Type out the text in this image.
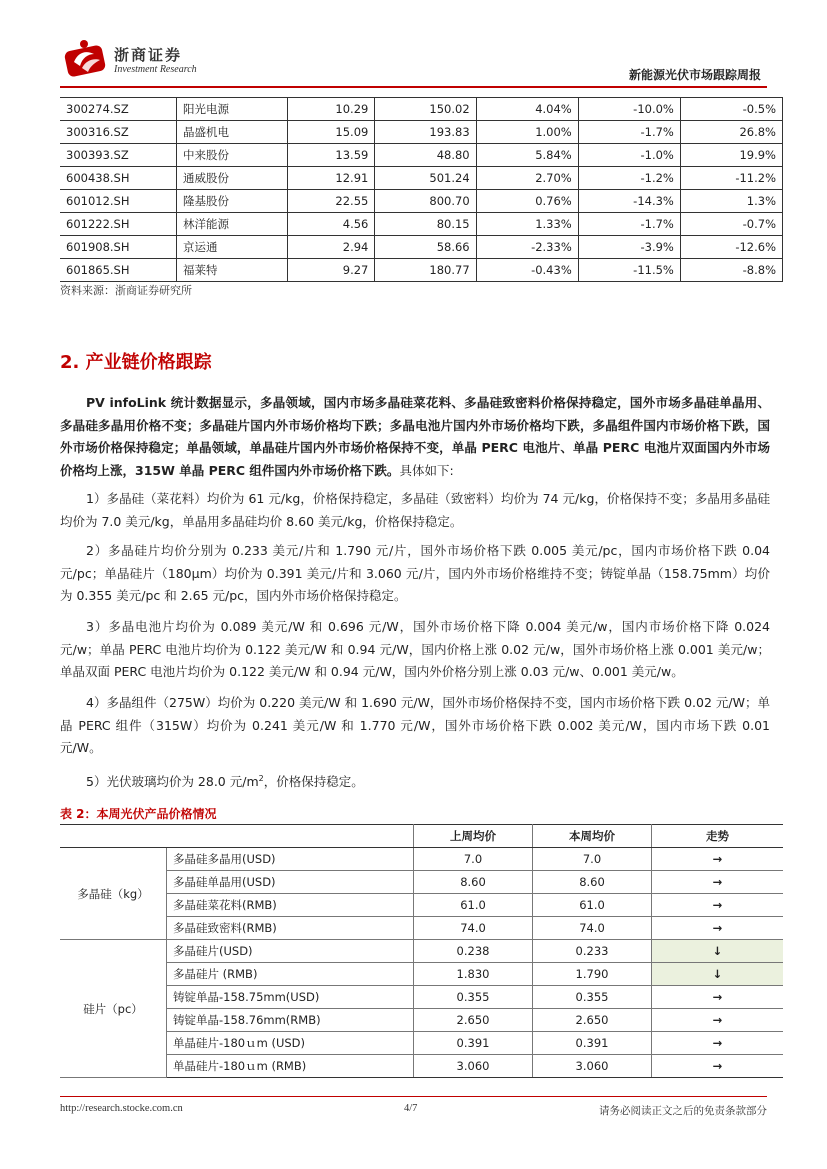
浙商证券
Investment Research	新能源光伏市场跟踪周报
300274.SZ	阳光电源	10.29	150.02	4.04%	-10.0%	-0.5%
300316.SZ	晶盛机电	15.09	193.83	1.00%	-1.7%	26.8%
300393.SZ	中来股份	13.59	48.80	5.84%	-1.0%	19.9%
600438.SH	通威股份	12.91	501.24	2.70%	-1.2%	-11.2%
601012.SH	隆基股份	22.55	800.70	0.76%	-14.3%	1.3%
601222.SH	林洋能源	4.56	80.15	1.33%	-1.7%	-0.7%
601908.SH	京运通	2.94	58.66	-2.33%	-3.9%	-12.6%
601865.SH	福莱特	9.27	180.77	-0.43%	-11.5%	-8.8%
资料来源：浙商证券研究所
2. 产业链价格跟踪
PV infoLink 统计数据显示，多晶领域，国内市场多晶硅菜花料、多晶硅致密料价格保持稳定，国外市场多晶硅单晶用、多晶硅多晶用价格不变；多晶硅片国内外市场价格均下跌；多晶电池片国内外市场价格均下跌，多晶组件国内市场价格下跌，国外市场价格保持稳定；单晶领域，单晶硅片国内外市场价格保持不变，单晶 PERC 电池片、单晶 PERC 电池片双面国内外市场价格均上涨，315W 单晶 PERC 组件国内外市场价格下跌。具体如下:
1）多晶硅（菜花料）均价为 61 元/kg，价格保持稳定，多晶硅（致密料）均价为 74 元/kg，价格保持不变；多晶用多晶硅均价为 7.0 美元/kg，单晶用多晶硅均价 8.60 美元/kg，价格保持稳定。
2）多晶硅片均价分别为 0.233 美元/片和 1.790 元/片，国外市场价格下跌 0.005 美元/pc，国内市场价格下跌 0.04 元/pc；单晶硅片（180μm）均价为 0.391 美元/片和 3.060 元/片，国内外市场价格维持不变；铸锭单晶（158.75mm）均价为 0.355 美元/pc 和 2.65 元/pc，国内外市场价格保持稳定。
3）多晶电池片均价为 0.089 美元/W 和 0.696 元/W，国外市场价格下降 0.004 美元/w，国内市场价格下降 0.024 元/w；单晶 PERC 电池片均价为 0.122 美元/W 和 0.94 元/W，国内价格上涨 0.02 元/w，国外市场价格上涨 0.001 美元/w；单晶双面 PERC 电池片均价为 0.122 美元/W 和 0.94 元/W，国内外价格分别上涨 0.03 元/w、0.001 美元/w。
4）多晶组件（275W）均价为 0.220 美元/W 和 1.690 元/W，国外市场价格保持不变，国内市场价格下跌 0.02 元/W；单晶 PERC 组件（315W）均价为 0.241 美元/W 和 1.770 元/W，国外市场价格下跌 0.002 美元/W，国内市场下跌 0.01 元/W。
5）光伏玻璃均价为 28.0 元$/m^2$，价格保持稳定。
表 2：本周光伏产品价格情况
		上周均价	本周均价	走势
多晶硅（kg）	多晶硅多晶用(USD)	7.0	7.0	→
	多晶硅单晶用(USD)	8.60	8.60	→
	多晶硅菜花料(RMB)	61.0	61.0	→
	多晶硅致密料(RMB)	74.0	74.0	→
硅片（pc）	多晶硅片(USD)	0.238	0.233	↓
	多晶硅片 (RMB)	1.830	1.790	↓
	铸锭单晶-158.75mm(USD)	0.355	0.355	→
	铸锭单晶-158.76mm(RMB)	2.650	2.650	→
	单晶硅片-180ｕm (USD)	0.391	0.391	→
	单晶硅片-180ｕm (RMB)	3.060	3.060	→
http://research.stocke.com.cn	4/7	请务必阅读正文之后的免责条款部分
